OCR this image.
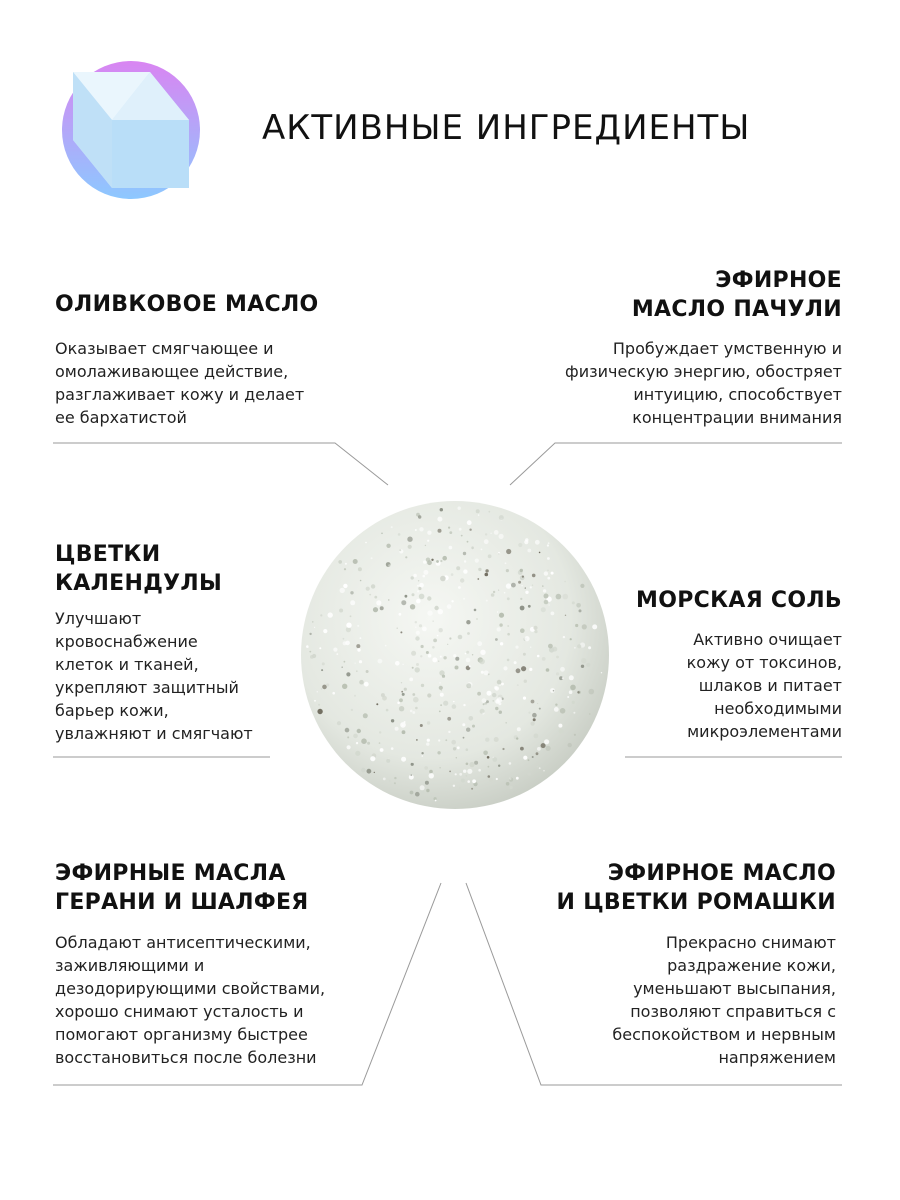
АКТИВНЫЕ ИНГРЕДИЕНТЫ
ОЛИВКОВОЕ МАСЛО

Оказывает смягчающее и
омолаживающее действие,
разглаживает кожу и делает
ее бархатистой

ЭФИРНОЕ
МАСЛО ПАЧУЛИ

Пробуждает умственную и
физическую энергию, обостряет
интуицию, способствует
концентрации внимания

ЦВЕТКИ
КАЛЕНДУЛЫ

Улучшают
кровоснабжение
клеток и тканей,
укрепляют защитный
барьер кожи,
увлажняют и смягчают

МОРСКАЯ СОЛЬ

Активно очищает
кожу от токсинов,
шлаков и питает
необходимыми
микроэлементами

ЭФИРНЫЕ МАСЛА
ГЕРАНИ И ШАЛФЕЯ

Обладают антисептическими,
заживляющими и
дезодорирующими свойствами,
хорошо снимают усталость и
помогают организму быстрее
восстановиться после болезни

ЭФИРНОЕ МАСЛО
И ЦВЕТКИ РОМАШКИ

Прекрасно снимают
раздражение кожи,
уменьшают высыпания,
позволяют справиться с
беспокойством и нервным
напряжением
